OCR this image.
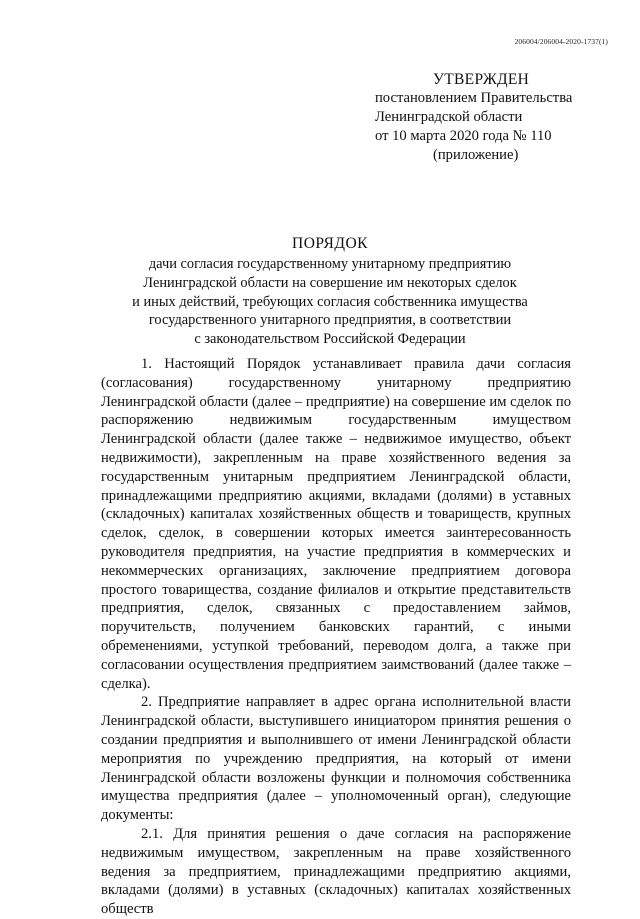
206004/206004-2020-1737(1)
УТВЕРЖДЕН
постановлением Правительства
Ленинградской области
от 10 марта 2020 года № 110
(приложение)
ПОРЯДОК
дачи согласия государственному унитарному предприятию
Ленинградской области на совершение им некоторых сделок
и иных действий, требующих согласия собственника имущества
государственного унитарного предприятия, в соответствии
с законодательством Российской Федерации

1. Настоящий Порядок устанавливает правила дачи согласия (согласования) государственному унитарному предприятию Ленинградской области (далее – предприятие) на совершение им сделок по распоряжению недвижимым государственным имуществом Ленинградской области (далее также – недвижимое имущество, объект недвижимости), закрепленным на праве хозяйственного ведения за государственным унитарным предприятием Ленинградской области, принадлежащими предприятию акциями, вкладами (долями) в уставных (складочных) капиталах хозяйственных обществ и товариществ, крупных сделок, сделок, в совершении которых имеется заинтересованность руководителя предприятия, на участие предприятия в коммерческих и некоммерческих организациях, заключение предприятием договора простого товарищества, создание филиалов и открытие представительств предприятия, сделок, связанных с предоставлением займов, поручительств, получением банковских гарантий, с иными обременениями, уступкой требований, переводом долга, а также при согласовании осуществления предприятием заимствований (далее также – сделка).

2. Предприятие направляет в адрес органа исполнительной власти Ленинградской области, выступившего инициатором принятия решения о создании предприятия и выполнившего от имени Ленинградской области мероприятия по учреждению предприятия, на который от имени Ленинградской области возложены функции и полномочия собственника имущества предприятия (далее – уполномоченный орган), следующие документы:

2.1. Для принятия решения о даче согласия на распоряжение недвижимым имуществом, закрепленным на праве хозяйственного ведения за предприятием, принадлежащими предприятию акциями, вкладами (долями) в уставных (складочных) капиталах хозяйственных обществ
